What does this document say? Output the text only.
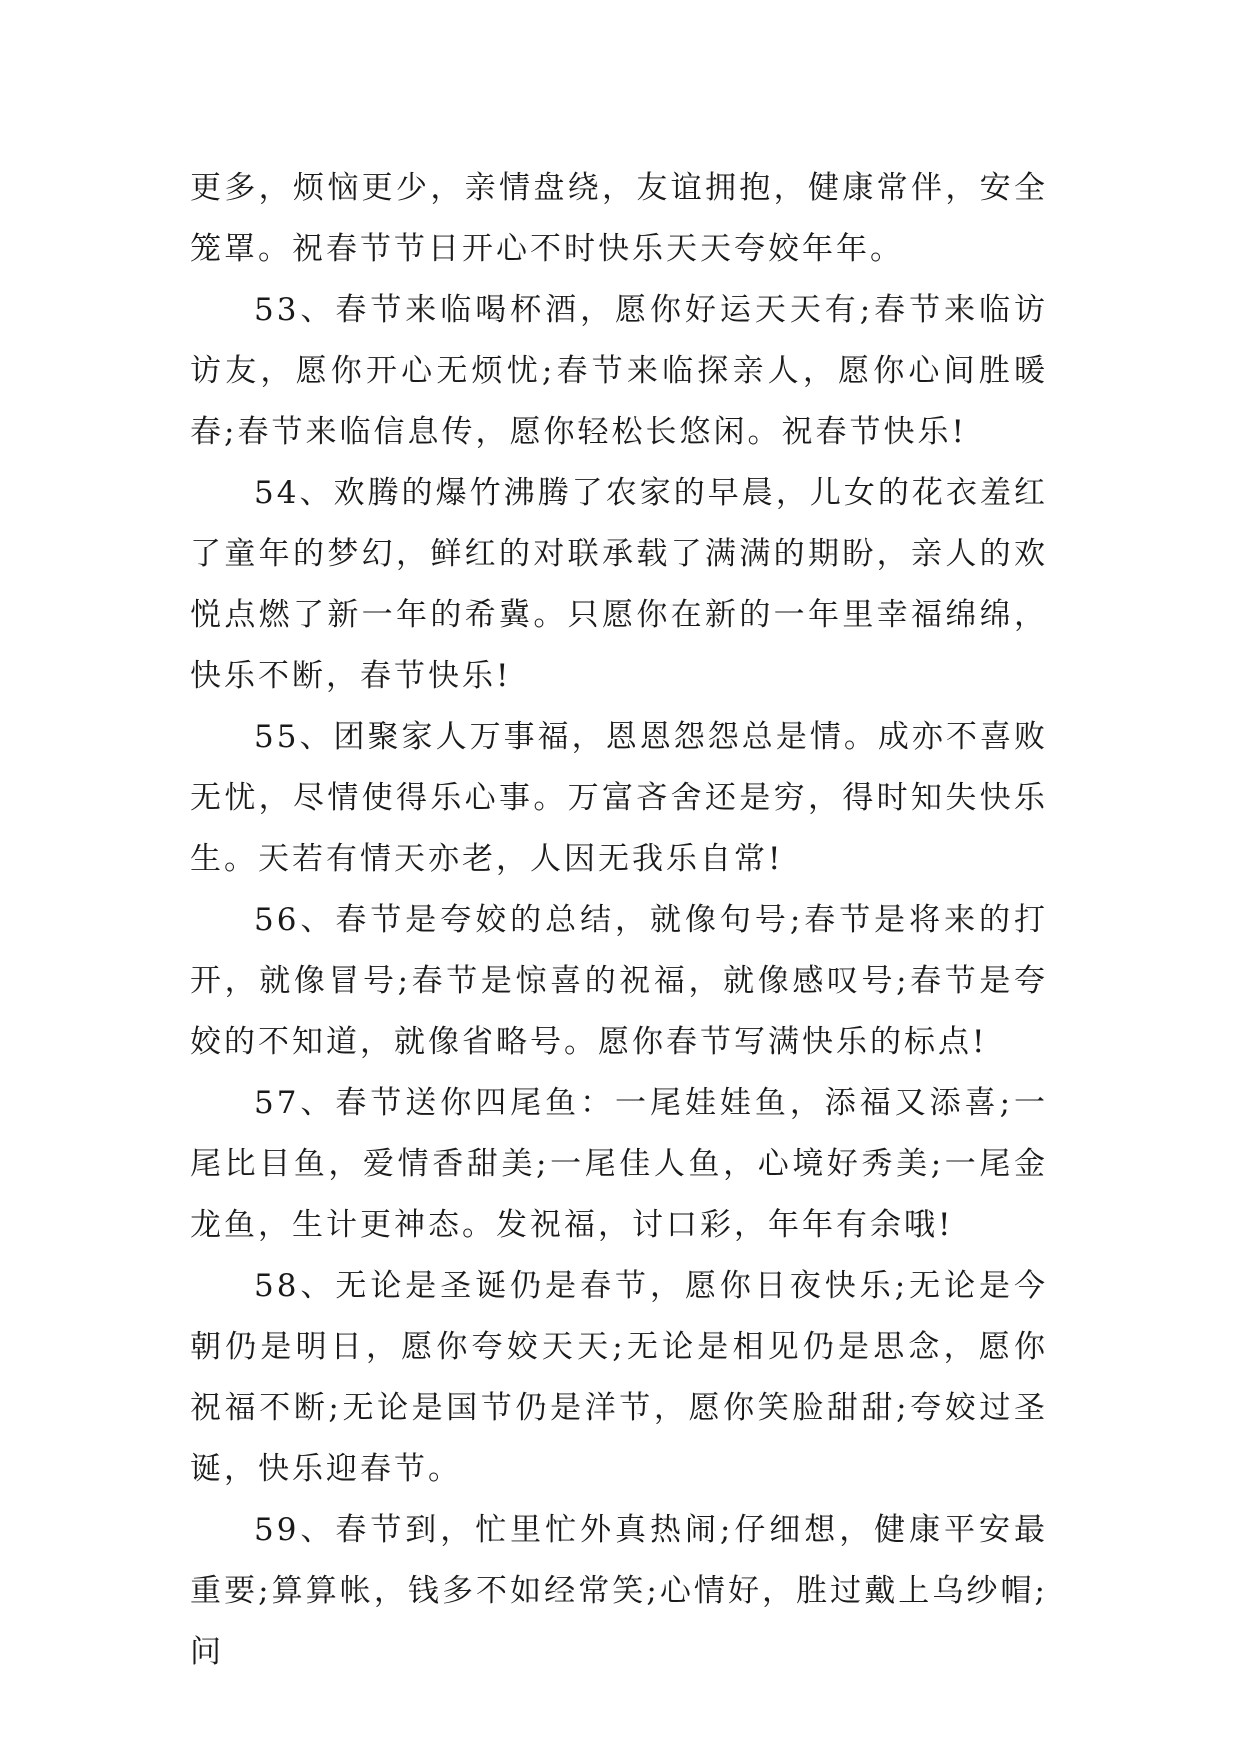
更多，烦恼更少，亲情盘绕，友谊拥抱，健康常伴，安全笼罩。祝春节节日开心不时快乐天天夸姣年年。

53、春节来临喝杯酒，愿你好运天天有;春节来临访访友，愿你开心无烦忧;春节来临探亲人，愿你心间胜暖春;春节来临信息传，愿你轻松长悠闲。祝春节快乐!

54、欢腾的爆竹沸腾了农家的早晨，儿女的花衣羞红了童年的梦幻，鲜红的对联承载了满满的期盼，亲人的欢悦点燃了新一年的希冀。只愿你在新的一年里幸福绵绵，快乐不断，春节快乐!

55、团聚家人万事福，恩恩怨怨总是情。成亦不喜败无忧，尽情使得乐心事。万富吝舍还是穷，得时知失快乐生。天若有情天亦老，人因无我乐自常!

56、春节是夸姣的总结，就像句号;春节是将来的打开，就像冒号;春节是惊喜的祝福，就像感叹号;春节是夸姣的不知道，就像省略号。愿你春节写满快乐的标点!

57、春节送你四尾鱼：一尾娃娃鱼，添福又添喜;一尾比目鱼，爱情香甜美;一尾佳人鱼，心境好秀美;一尾金龙鱼，生计更神态。发祝福，讨口彩，年年有余哦!

58、无论是圣诞仍是春节，愿你日夜快乐;无论是今朝仍是明日，愿你夸姣天天;无论是相见仍是思念，愿你祝福不断;无论是国节仍是洋节，愿你笑脸甜甜;夸姣过圣诞，快乐迎春节。

59、春节到，忙里忙外真热闹;仔细想，健康平安最重要;算算帐，钱多不如经常笑;心情好，胜过戴上乌纱帽;问
